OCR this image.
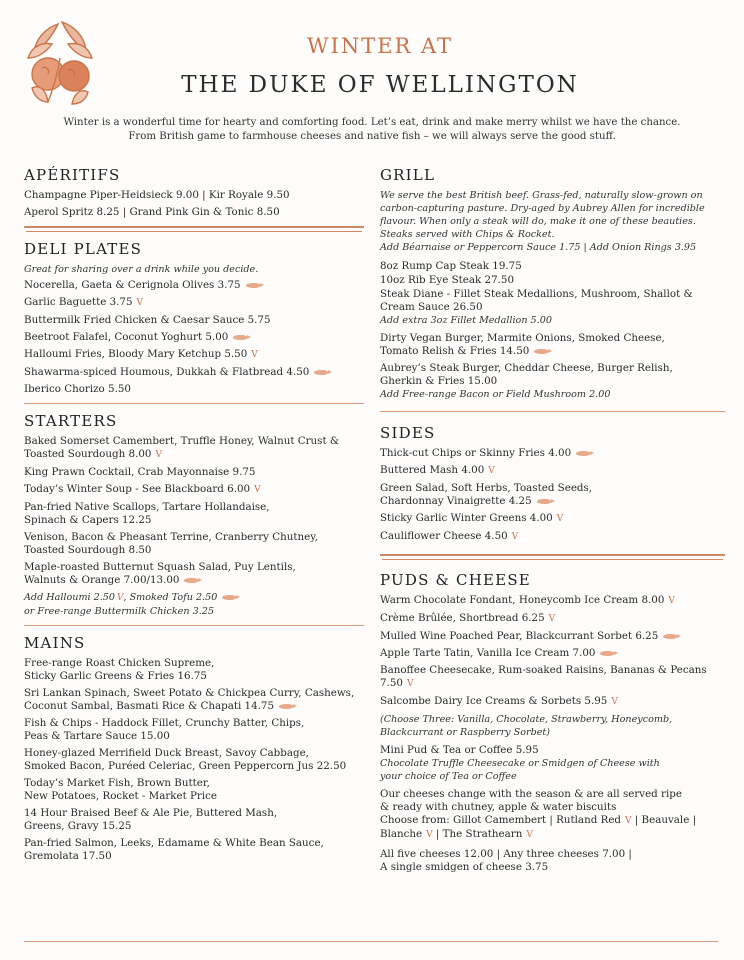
WINTER AT
THE DUKE OF WELLINGTON
Winter is a wonderful time for hearty and comforting food. Let’s eat, drink and make merry whilst we have the chance.
From British game to farmhouse cheeses and native fish – we will always serve the good stuff.
APÉRITIFS
Champagne Piper-Heidsieck 9.00 | Kir Royale 9.50
Aperol Spritz 8.25 | Grand Pink Gin & Tonic 8.50
DELI PLATES
Great for sharing over a drink while you decide.
Nocerella, Gaeta & Cerignola Olives 3.75
Garlic Baguette 3.75 V
Buttermilk Fried Chicken & Caesar Sauce 5.75
Beetroot Falafel, Coconut Yoghurt 5.00
Halloumi Fries, Bloody Mary Ketchup 5.50 V
Shawarma-spiced Houmous, Dukkah & Flatbread 4.50
Iberico Chorizo 5.50
STARTERS
Baked Somerset Camembert, Truffle Honey, Walnut Crust &
Toasted Sourdough 8.00 V
King Prawn Cocktail, Crab Mayonnaise 9.75
Today’s Winter Soup - See Blackboard 6.00 V
Pan-fried Native Scallops, Tartare Hollandaise,
Spinach & Capers 12.25
Venison, Bacon & Pheasant Terrine, Cranberry Chutney,
Toasted Sourdough 8.50
Maple-roasted Butternut Squash Salad, Puy Lentils,
Walnuts & Orange 7.00/13.00
Add Halloumi 2.50 V, Smoked Tofu 2.50
or Free-range Buttermilk Chicken 3.25
MAINS
Free-range Roast Chicken Supreme,
Sticky Garlic Greens & Fries 16.75
Sri Lankan Spinach, Sweet Potato & Chickpea Curry, Cashews,
Coconut Sambal, Basmati Rice & Chapati 14.75
Fish & Chips - Haddock Fillet, Crunchy Batter, Chips,
Peas & Tartare Sauce 15.00
Honey-glazed Merrifield Duck Breast, Savoy Cabbage,
Smoked Bacon, Puréed Celeriac, Green Peppercorn Jus 22.50
Today’s Market Fish, Brown Butter,
New Potatoes, Rocket - Market Price
14 Hour Braised Beef & Ale Pie, Buttered Mash,
Greens, Gravy 15.25
Pan-fried Salmon, Leeks, Edamame & White Bean Sauce,
Gremolata 17.50
GRILL
We serve the best British beef. Grass-fed, naturally slow-grown on
carbon-capturing pasture. Dry-aged by Aubrey Allen for incredible
flavour. When only a steak will do, make it one of these beauties.
Steaks served with Chips & Rocket.
Add Béarnaise or Peppercorn Sauce 1.75 | Add Onion Rings 3.95
8oz Rump Cap Steak 19.75
10oz Rib Eye Steak 27.50
Steak Diane - Fillet Steak Medallions, Mushroom, Shallot &
Cream Sauce 26.50
Add extra 3oz Fillet Medallion 5.00
Dirty Vegan Burger, Marmite Onions, Smoked Cheese,
Tomato Relish & Fries 14.50
Aubrey’s Steak Burger, Cheddar Cheese, Burger Relish,
Gherkin & Fries 15.00
Add Free-range Bacon or Field Mushroom 2.00
SIDES
Thick-cut Chips or Skinny Fries 4.00
Buttered Mash 4.00 V
Green Salad, Soft Herbs, Toasted Seeds,
Chardonnay Vinaigrette 4.25
Sticky Garlic Winter Greens 4.00 V
Cauliflower Cheese 4.50 V
PUDS & CHEESE
Warm Chocolate Fondant, Honeycomb Ice Cream 8.00 V
Crème Brûlée, Shortbread 6.25 V
Mulled Wine Poached Pear, Blackcurrant Sorbet 6.25
Apple Tarte Tatin, Vanilla Ice Cream 7.00
Banoffee Cheesecake, Rum-soaked Raisins, Bananas & Pecans 7.50 V
Salcombe Dairy Ice Creams & Sorbets 5.95 V
(Choose Three: Vanilla, Chocolate, Strawberry, Honeycomb,
Blackcurrant or Raspberry Sorbet)
Mini Pud & Tea or Coffee 5.95
Chocolate Truffle Cheesecake or Smidgen of Cheese with
your choice of Tea or Coffee
Our cheeses change with the season & are all served ripe
& ready with chutney, apple & water biscuits
Choose from: Gillot Camembert | Rutland Red V | Beauvale |
Blanche V | The Strathearn V
All five cheeses 12.00 | Any three cheeses 7.00 |
A single smidgen of cheese 3.75
